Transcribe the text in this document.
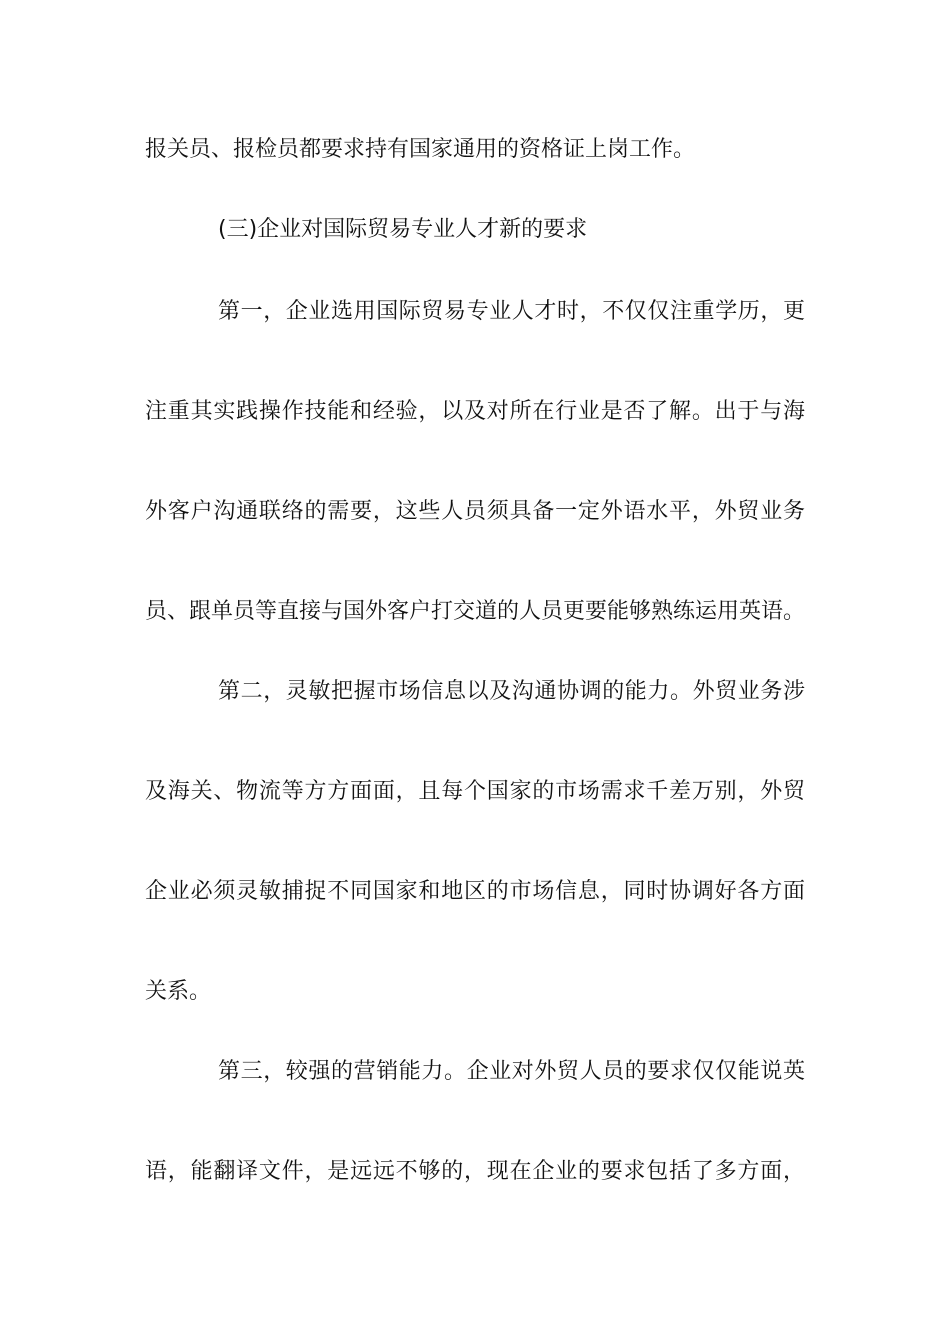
报关员、报检员都要求持有国家通用的资格证上岗工作。
(三)企业对国际贸易专业人才新的要求
第一，企业选用国际贸易专业人才时，不仅仅注重学历，更
注重其实践操作技能和经验，以及对所在行业是否了解。出于与海
外客户沟通联络的需要，这些人员须具备一定外语水平，外贸业务
员、跟单员等直接与国外客户打交道的人员更要能够熟练运用英语。
第二，灵敏把握市场信息以及沟通协调的能力。外贸业务涉
及海关、物流等方方面面，且每个国家的市场需求千差万别，外贸
企业必须灵敏捕捉不同国家和地区的市场信息，同时协调好各方面
关系。
第三，较强的营销能力。企业对外贸人员的要求仅仅能说英
语，能翻译文件，是远远不够的，现在企业的要求包括了多方面，
